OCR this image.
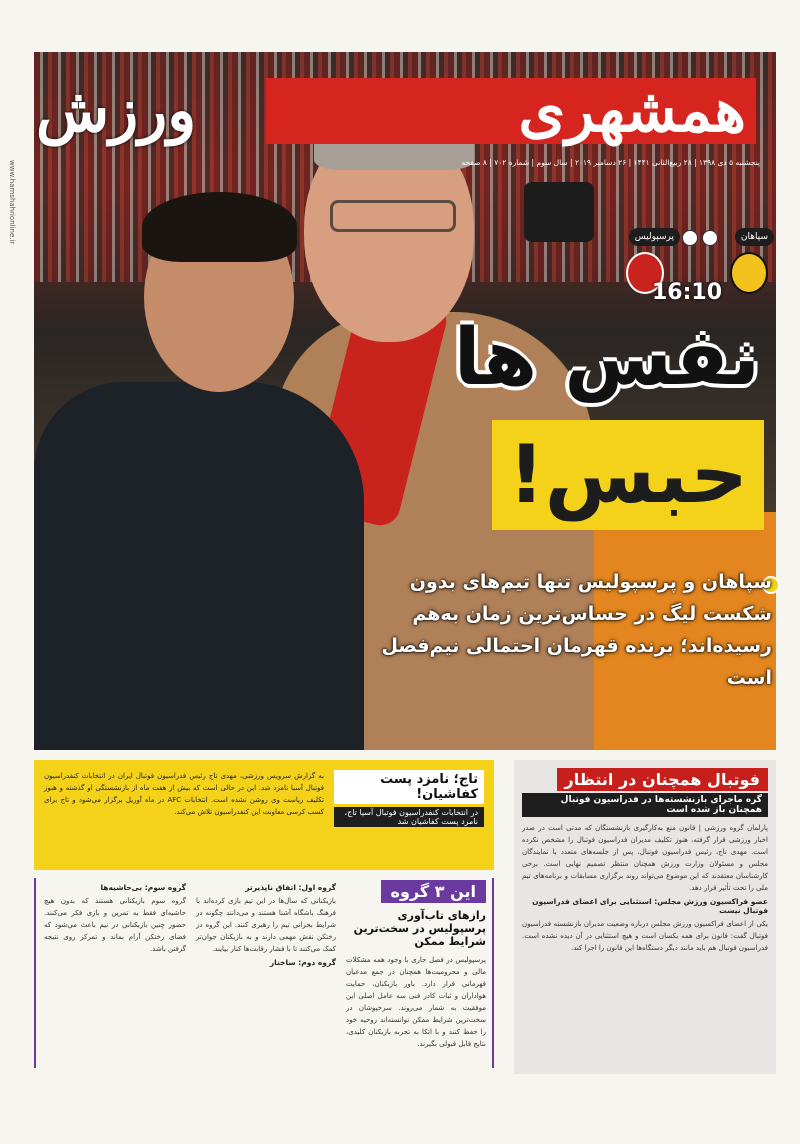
همشهری
ورزش
پنجشنبه ۵ دی ۱۳۹۸ | ۲۸ ربیع‌الثانی ۱۴۴۱ | ۲۶ دسامبر ۲۰۱۹ | سال سوم | شماره ۷۰۲ | ۸ صفحه
www.hamshahrionline.ir	سپاهان
پرسپولیس
16:10
نفس ها
حبس!
سپاهان و پرسپولیس تنها تیم‌های بدون شکست لیگ در حساس‌ترین زمان به‌هم رسیده‌اند؛ برنده قهرمان احتمالی نیم‌فصل است
فوتبال همچنان در انتظار
گره ماجرای بازنشسته‌ها در فدراسیون فوتبال همچنان باز شده است

پارلمان گروه ورزشی | قانون منع به‌کارگیری بازنشستگان که مدتی است در صدر اخبار ورزشی قرار گرفته، هنوز تکلیف مدیران فدراسیون فوتبال را مشخص نکرده است. مهدی تاج، رئیس فدراسیون فوتبال، پس از جلسه‌های متعدد با نمایندگان مجلس و مسئولان وزارت ورزش همچنان منتظر تصمیم نهایی است. برخی کارشناسان معتقدند که این موضوع می‌تواند روند برگزاری مسابقات و برنامه‌های تیم ملی را تحت تأثیر قرار دهد.

عضو فراکسیون ورزش مجلس: استثنایی برای اعضای فدراسیون فوتبال نیست

یکی از اعضای فراکسیون ورزش مجلس درباره وضعیت مدیران بازنشسته فدراسیون فوتبال گفت: قانون برای همه یکسان است و هیچ استثنایی در آن دیده نشده است. فدراسیون فوتبال هم باید مانند دیگر دستگاه‌ها این قانون را اجرا کند.

تاج؛ نامزد پست کفاشیان! در انتخابات کنفدراسیون فوتبال آسیا تاج، نامزد پست کفاشیان شد

به گزارش سرویس ورزشی، مهدی تاج رئیس فدراسیون فوتبال ایران در انتخابات کنفدراسیون فوتبال آسیا نامزد شد. این در حالی است که بیش از هفت ماه از بازنشستگی او گذشته و هنوز تکلیف ریاست وی روشن نشده است. انتخابات AFC در ماه آوریل برگزار می‌شود و تاج برای کسب کرسی معاونت این کنفدراسیون تلاش می‌کند.

این ۳ گروه
رازهای تاب‌آوری پرسپولیس در سخت‌ترین شرایط ممکن

پرسپولیس در فصل جاری با وجود همه مشکلات مالی و محرومیت‌ها همچنان در جمع مدعیان قهرمانی قرار دارد. باور بازیکنان، حمایت هواداران و ثبات کادر فنی سه عامل اصلی این موفقیت به شمار می‌روند. سرخپوشان در سخت‌ترین شرایط ممکن توانسته‌اند روحیه خود را حفظ کنند و با اتکا به تجربه بازیکنان کلیدی، نتایج قابل قبولی بگیرند.

گروه اول: اتفاق ناپذیرتر

بازیکنانی که سال‌ها در این تیم بازی کرده‌اند با فرهنگ باشگاه آشنا هستند و می‌دانند چگونه در شرایط بحرانی تیم را رهبری کنند. این گروه در رختکن نقش مهمی دارند و به بازیکنان جوان‌تر کمک می‌کنند تا با فشار رقابت‌ها کنار بیایند.

گروه دوم: ساختار
گروه سوم: بی‌حاشیه‌ها

گروه سوم بازیکنانی هستند که بدون هیچ حاشیه‌ای فقط به تمرین و بازی فکر می‌کنند. حضور چنین بازیکنانی در تیم باعث می‌شود که فضای رختکن آرام بماند و تمرکز روی نتیجه گرفتن باشد.
